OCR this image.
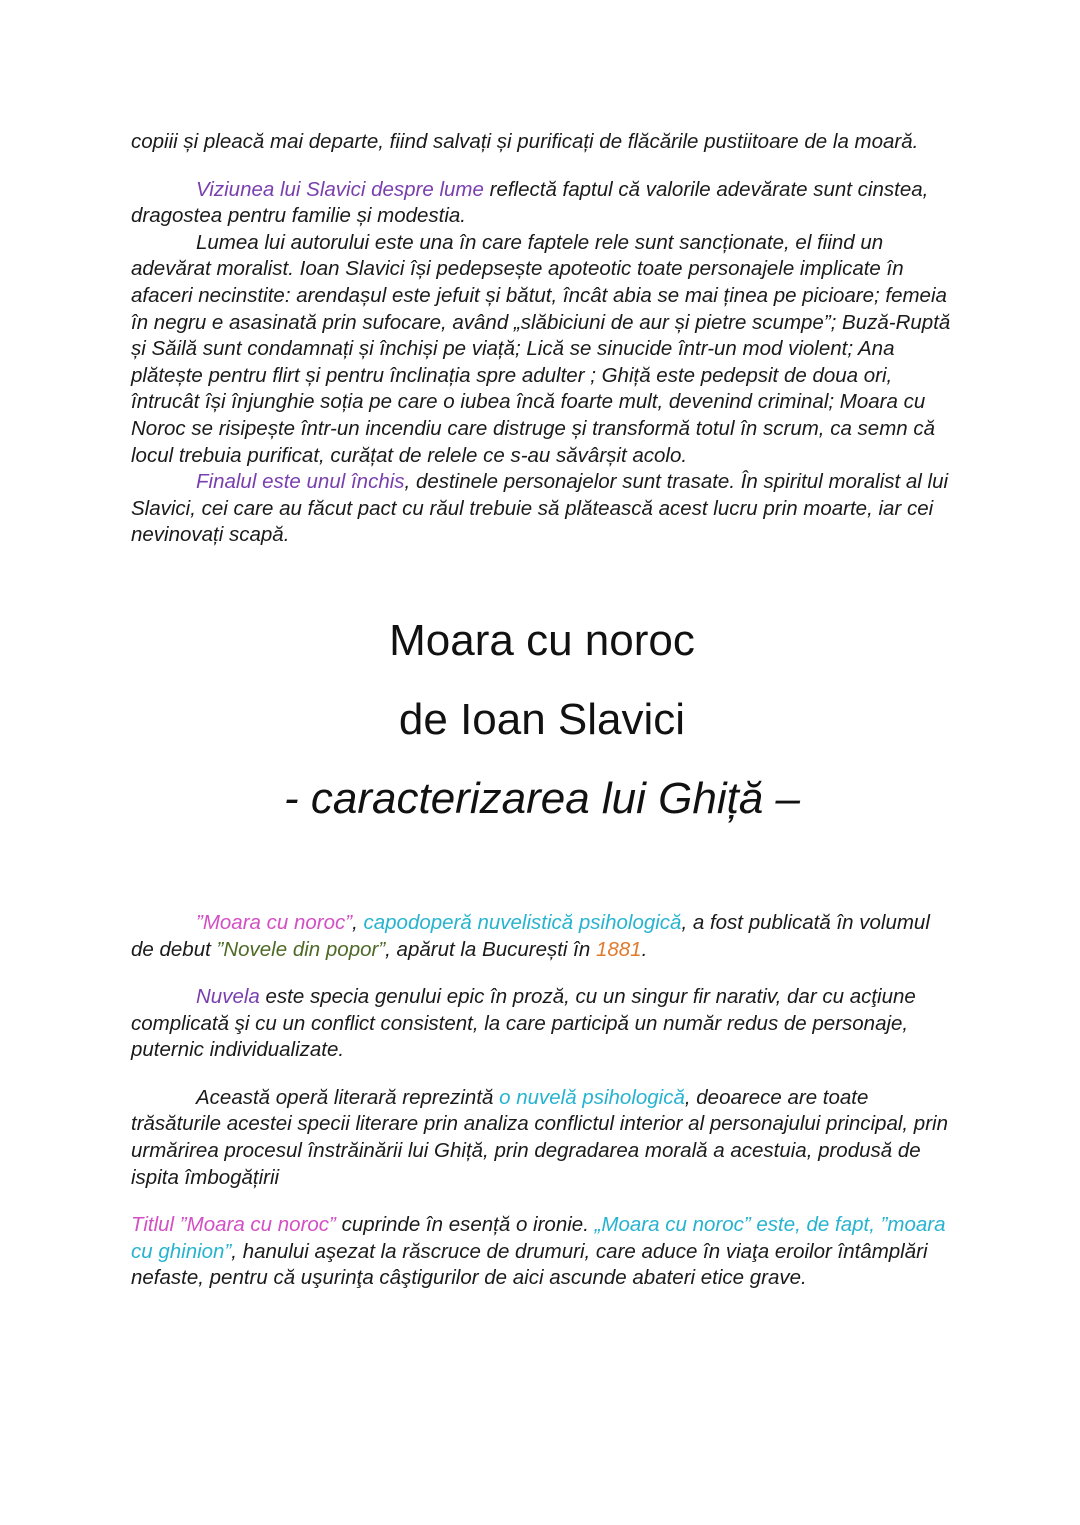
copiii și pleacă mai departe, fiind salvați și purificați de flăcările pustiitoare de la moară.

Viziunea lui Slavici despre lume reflectă faptul că valorile adevărate sunt cinstea, dragostea pentru familie și modestia.

Lumea lui autorului este una în care faptele rele sunt sancționate, el fiind un adevărat moralist. Ioan Slavici își pedepsește apoteotic toate personajele implicate în afaceri necinstite: arendașul este jefuit și bătut, încât abia se mai ținea pe picioare; femeia în negru e asasinată prin sufocare, având „slăbiciuni de aur și pietre scumpe”; Buză-Ruptă și Săilă sunt condamnați și închiși pe viață; Lică se sinucide într-un mod violent; Ana plătește pentru flirt și pentru înclinația spre adulter ; Ghiță este pedepsit de doua ori, întrucât își înjunghie soția pe care o iubea încă foarte mult, devenind criminal; Moara cu Noroc se risipește într-un incendiu care distruge și transformă totul în scrum, ca semn că locul trebuia purificat, curățat de relele ce s-au săvârșit acolo.

Finalul este unul închis, destinele personajelor sunt trasate. În spiritul moralist al lui Slavici, cei care au făcut pact cu răul trebuie să plătească acest lucru prin moarte, iar cei nevinovați scapă.

Moara cu noroc
de Ioan Slavici
- caracterizarea lui Ghiță –

”Moara cu noroc”, capodoperă nuvelistică psihologică, a fost publicată în volumul de debut ”Novele din popor”, apărut la București în 1881.

Nuvela este specia genului epic în proză, cu un singur fir narativ, dar cu acţiune complicată şi cu un conflict consistent, la care participă un număr redus de personaje, puternic individualizate.

Această operă literară reprezintă o nuvelă psihologică, deoarece are toate trăsăturile acestei specii literare prin analiza conflictul interior al personajului principal, prin urmărirea procesul înstrăinării lui Ghiță, prin degradarea morală a acestuia, produsă de ispita îmbogățirii

Titlul ”Moara cu noroc” cuprinde în esență o ironie. „Moara cu noroc” este, de fapt, ”moara cu ghinion”, hanului aşezat la răscruce de drumuri, care aduce în viaţa eroilor întâmplări nefaste, pentru că uşurinţa câştigurilor de aici ascunde abateri etice grave.
